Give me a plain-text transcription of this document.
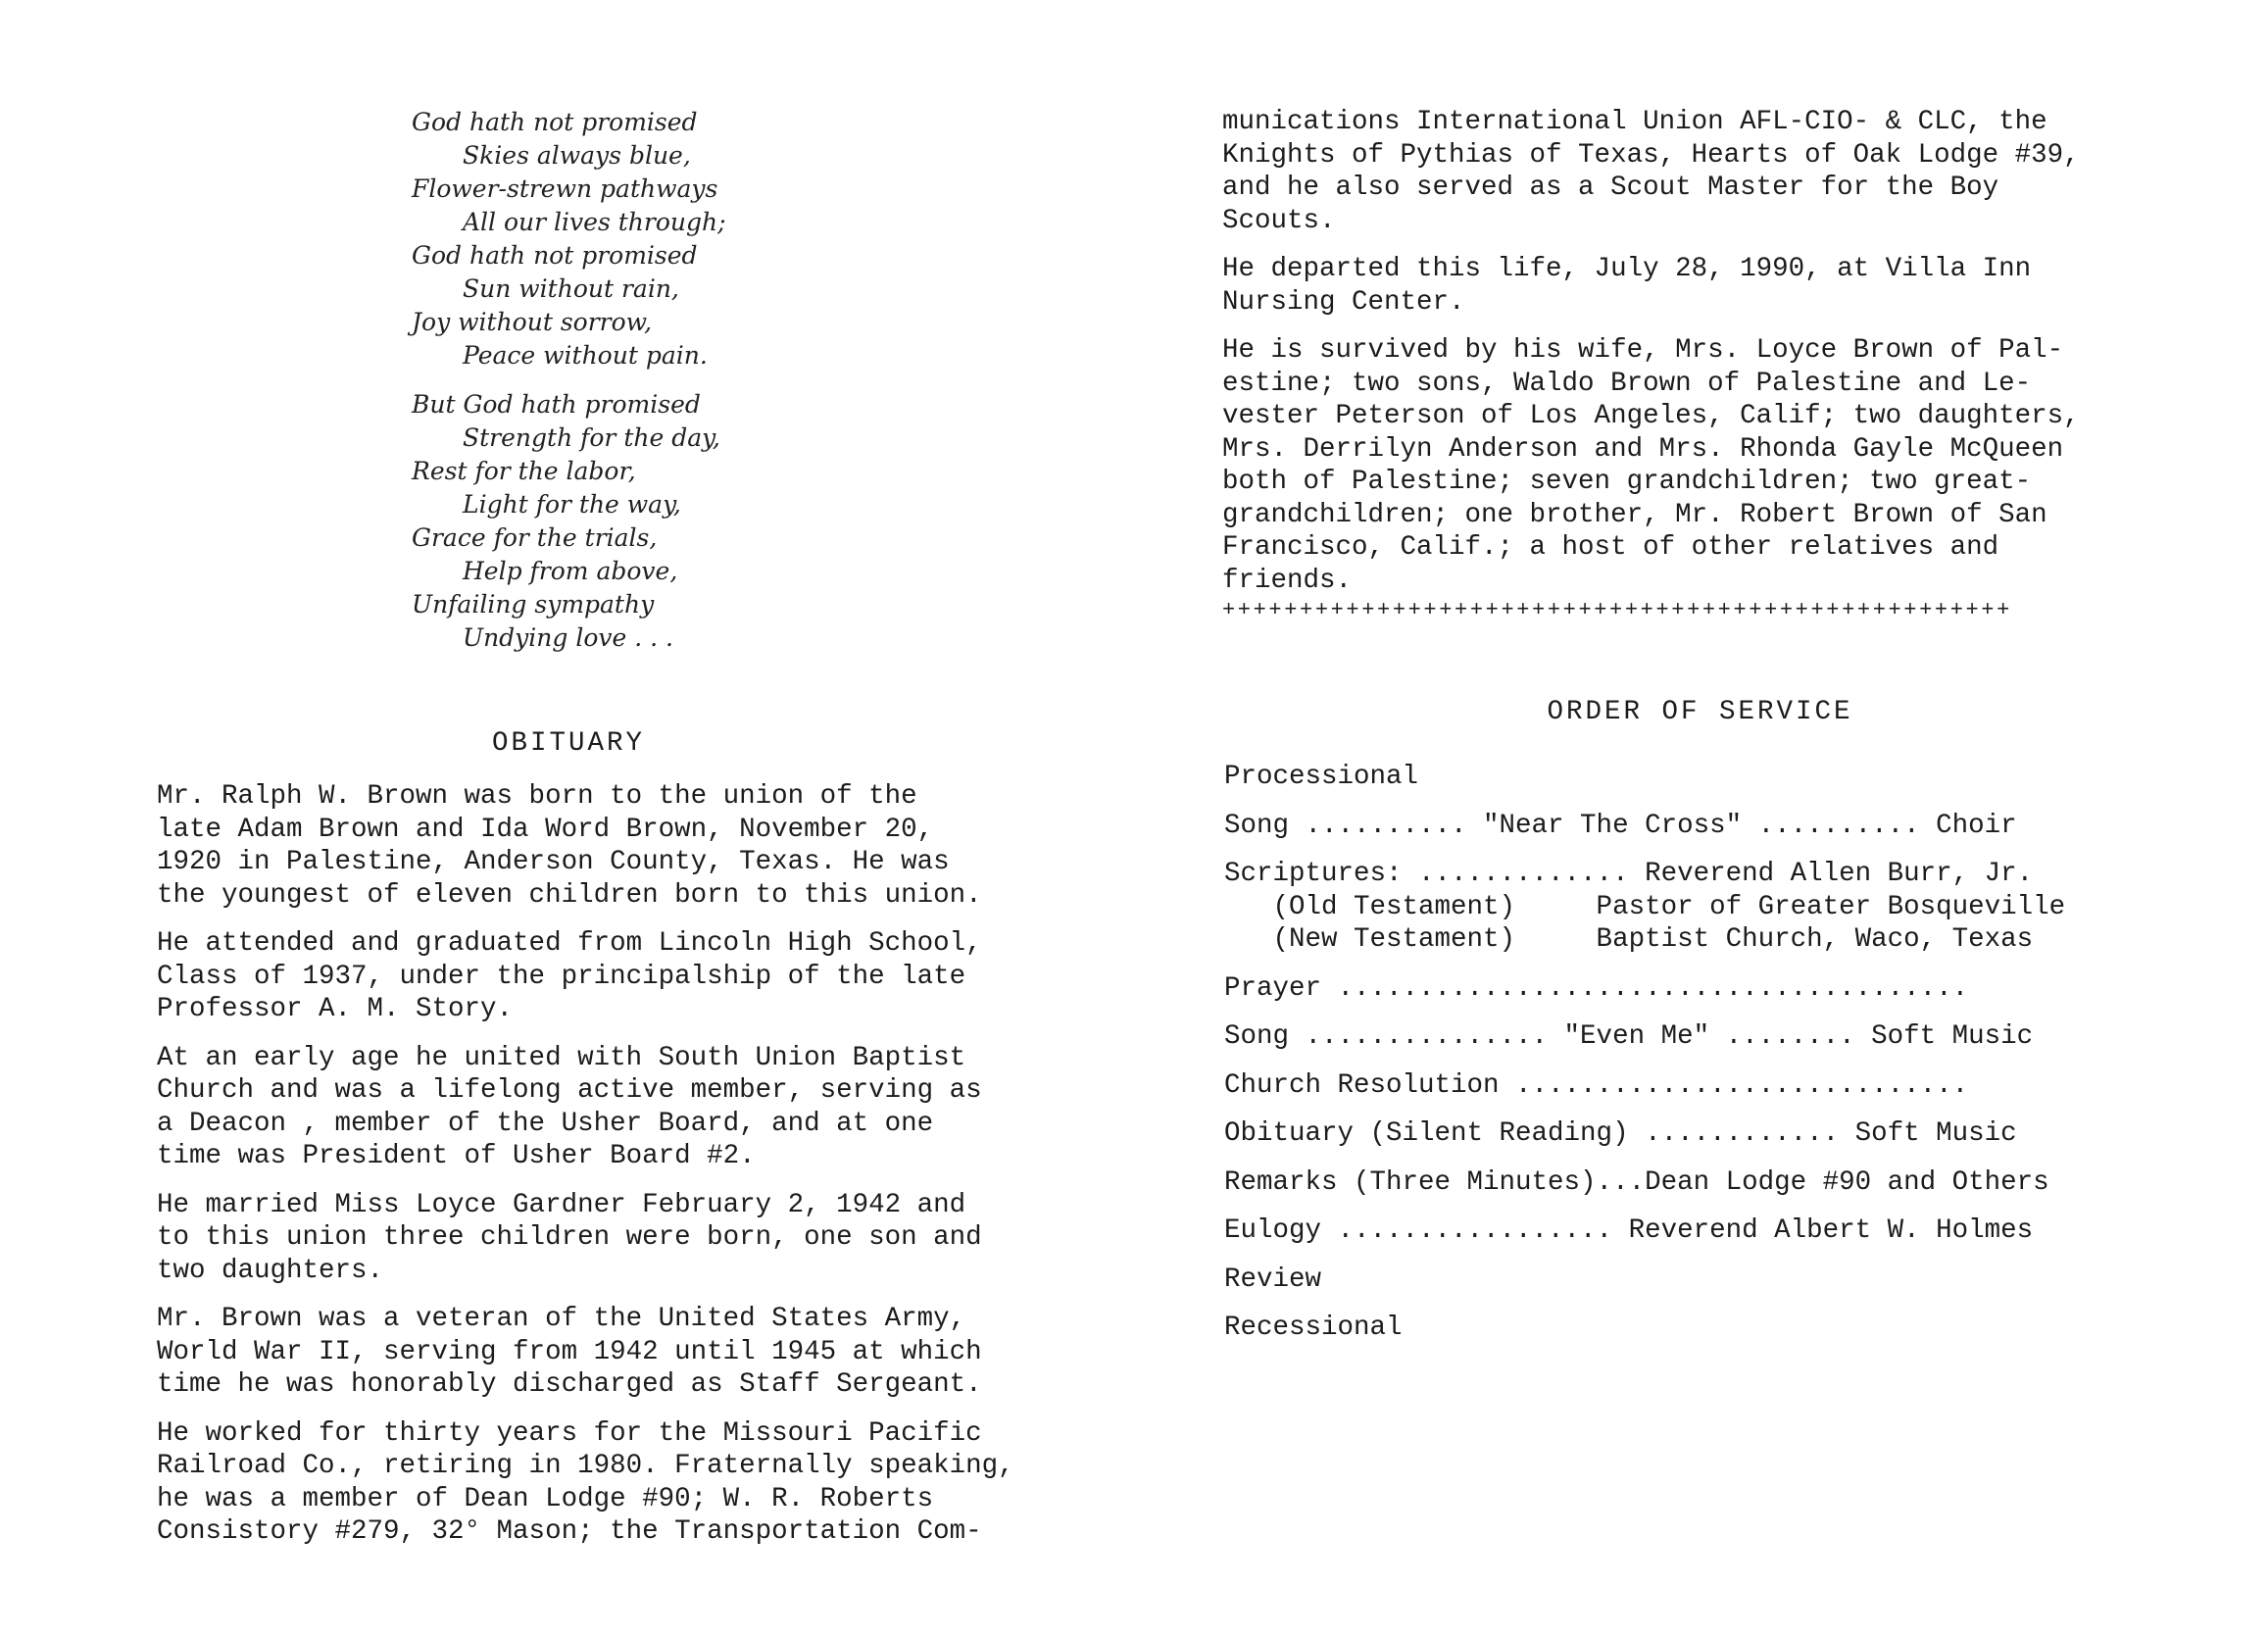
God hath not promised
Skies always blue,
Flower-strewn pathways
All our lives through;
God hath not promised
Sun without rain,
Joy without sorrow,
Peace without pain.
But God hath promised
Strength for the day,
Rest for the labor,
Light for the way,
Grace for the trials,
Help from above,
Unfailing sympathy
Undying love . . .
OBITUARY
Mr. Ralph W. Brown was born to the union of the
late Adam Brown and Ida Word Brown, November 20,
1920 in Palestine, Anderson County, Texas. He was
the youngest of eleven children born to this union.
He attended and graduated from Lincoln High School,
Class of 1937, under the principalship of the late
Professor A. M. Story.
At an early age he united with South Union Baptist
Church and was a lifelong active member, serving as
a Deacon , member of the Usher Board, and at one
time was President of Usher Board #2.
He married Miss Loyce Gardner February 2, 1942 and
to this union three children were born, one son and
two daughters.
Mr. Brown was a veteran of the United States Army,
World War II, serving from 1942 until 1945 at which
time he was honorably discharged as Staff Sergeant.
He worked for thirty years for the Missouri Pacific
Railroad Co., retiring in 1980. Fraternally speaking,
he was a member of Dean Lodge #90; W. R. Roberts
Consistory #279, 32° Mason; the Transportation Com-
munications International Union AFL-CIO- & CLC, the
Knights of Pythias of Texas, Hearts of Oak Lodge #39,
and he also served as a Scout Master for the Boy
Scouts.
He departed this life, July 28, 1990, at Villa Inn
Nursing Center.
He is survived by his wife, Mrs. Loyce Brown of Pal-
estine; two sons, Waldo Brown of Palestine and Le-
vester Peterson of Los Angeles, Calif; two daughters,
Mrs. Derrilyn Anderson and Mrs. Rhonda Gayle McQueen
both of Palestine; seven grandchildren; two great-
grandchildren; one brother, Mr. Robert Brown of San
Francisco, Calif.; a host of other relatives and
friends.
+++++++++++++++++++++++++++++++++++++++++++++++++++
ORDER OF SERVICE
Processional
Song .......... "Near The Cross" .......... Choir
Scriptures: ............. Reverend Allen Burr, Jr.
(Old Testament)     Pastor of Greater Bosqueville
(New Testament)     Baptist Church, Waco, Texas
Prayer .......................................
Song ............... "Even Me" ........ Soft Music
Church Resolution ............................
Obituary (Silent Reading) ............ Soft Music
Remarks (Three Minutes)...Dean Lodge #90 and Others
Eulogy ................. Reverend Albert W. Holmes
Review
Recessional
